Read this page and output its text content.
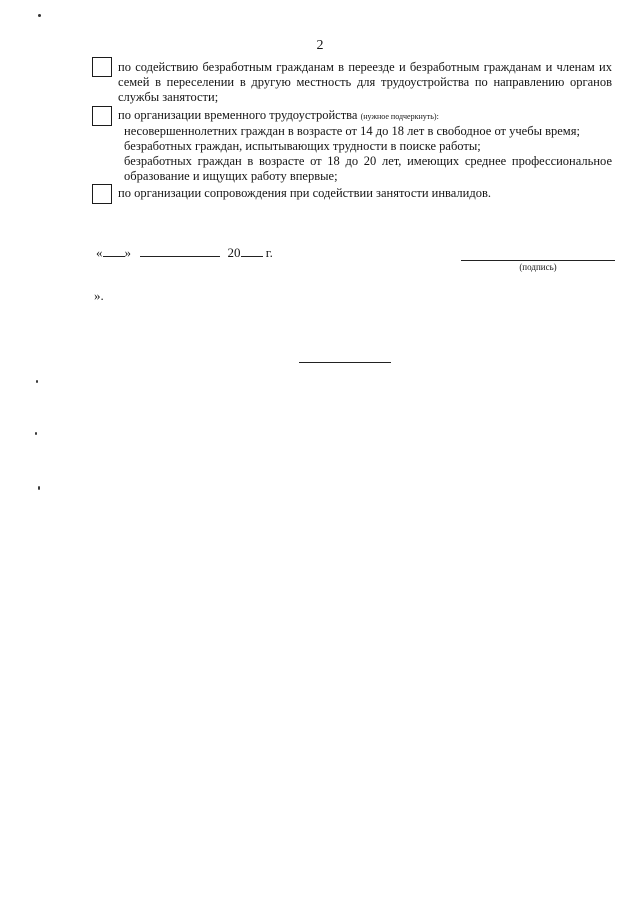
2
по содействию безработным гражданам в переезде и безработным гражданам и членам их
семей в переселении в другую местность для трудоустройства по направлению органов
службы занятости;
по организации временного трудоустройства (нужное подчеркнуть):
несовершеннолетних граждан в возрасте от 14 до 18 лет в свободное от учебы время;
безработных граждан, испытывающих трудности в поиске работы;
безработных граждан в возрасте от 18 до 20 лет, имеющих среднее профессиональное
образование и ищущих работу впервые;
по организации сопровождения при содействии занятости инвалидов.
« »	20 г.
(подпись)
».
